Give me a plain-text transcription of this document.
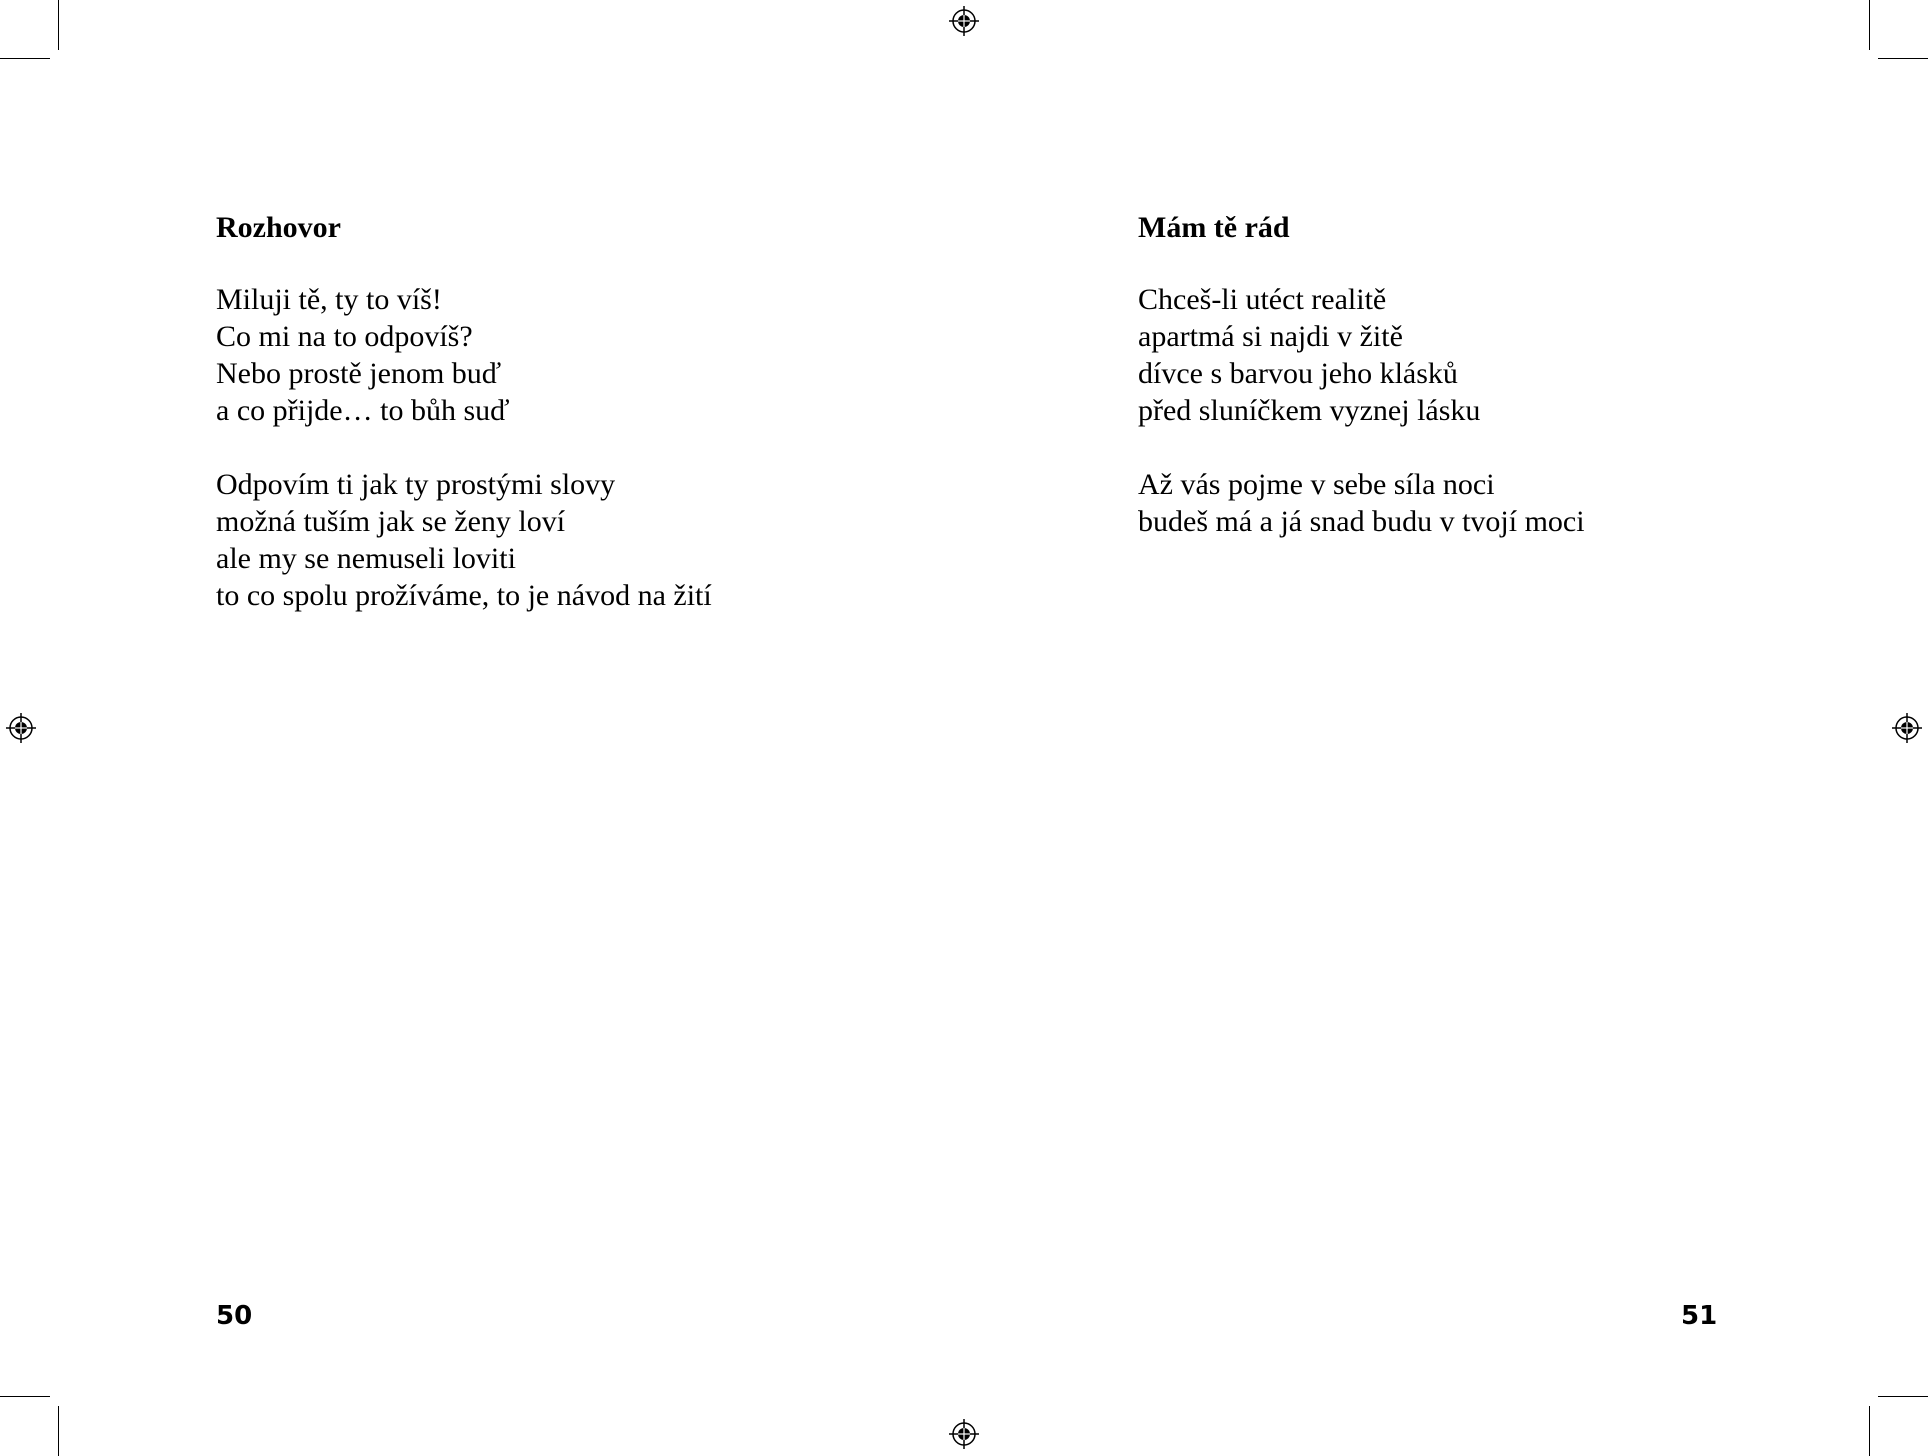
Rozhovor
Miluji tě, ty to víš!
Co mi na to odpovíš?
Nebo prostě jenom buď
a co přijde… to bůh suď
Odpovím ti jak ty prostými slovy
možná tuším jak se ženy loví
ale my se nemuseli loviti
to co spolu prožíváme, to je návod na žití
Mám tě rád
Chceš-li utéct realitě
apartmá si najdi v žitě
dívce s barvou jeho klásků
před sluníčkem vyznej lásku
Až vás pojme v sebe síla noci
budeš má a já snad budu v tvojí moci
50	51
